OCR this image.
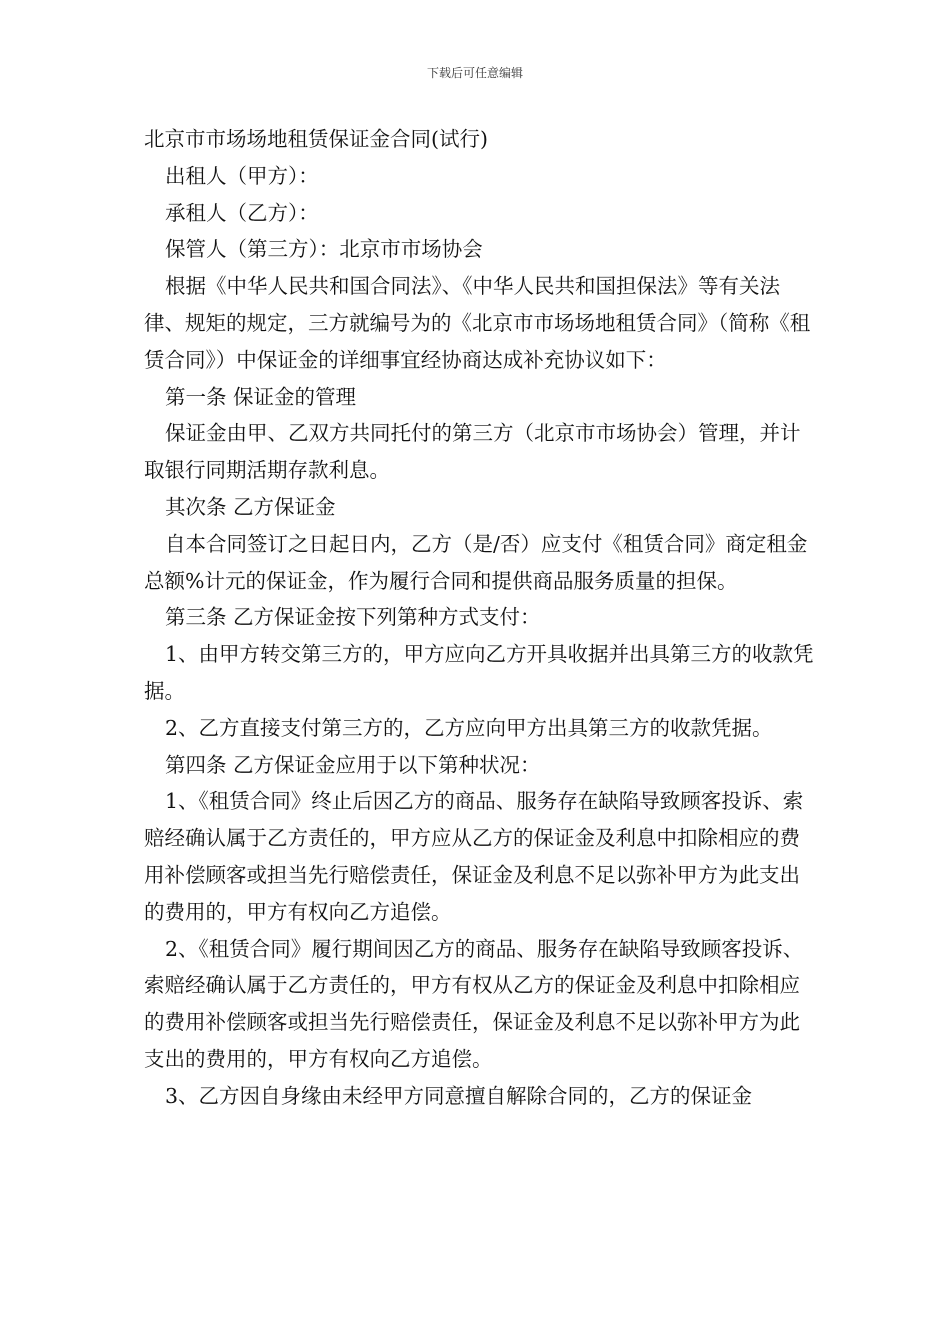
下载后可任意编辑

北京市市场场地租赁保证金合同(试行)

出租人（甲方）：

承租人（乙方）：

保管人（第三方）：北京市市场协会

根据《中华人民共和国合同法》、《中华人民共和国担保法》等有关法律、规矩的规定，三方就编号为的《北京市市场场地租赁合同》（简称《租赁合同》）中保证金的详细事宜经协商达成补充协议如下：

第一条 保证金的管理

保证金由甲、乙双方共同托付的第三方（北京市市场协会）管理，并计取银行同期活期存款利息。

其次条 乙方保证金

自本合同签订之日起日内，乙方（是/否）应支付《租赁合同》商定租金总额%计元的保证金，作为履行合同和提供商品服务质量的担保。

第三条 乙方保证金按下列第种方式支付：

1、由甲方转交第三方的，甲方应向乙方开具收据并出具第三方的收款凭据。

2、乙方直接支付第三方的，乙方应向甲方出具第三方的收款凭据。

第四条 乙方保证金应用于以下第种状况：

1、《租赁合同》终止后因乙方的商品、服务存在缺陷导致顾客投诉、索赔经确认属于乙方责任的，甲方应从乙方的保证金及利息中扣除相应的费用补偿顾客或担当先行赔偿责任，保证金及利息不足以弥补甲方为此支出的费用的，甲方有权向乙方追偿。

2、《租赁合同》履行期间因乙方的商品、服务存在缺陷导致顾客投诉、索赔经确认属于乙方责任的，甲方有权从乙方的保证金及利息中扣除相应的费用补偿顾客或担当先行赔偿责任，保证金及利息不足以弥补甲方为此支出的费用的，甲方有权向乙方追偿。

3、乙方因自身缘由未经甲方同意擅自解除合同的，乙方的保证金
